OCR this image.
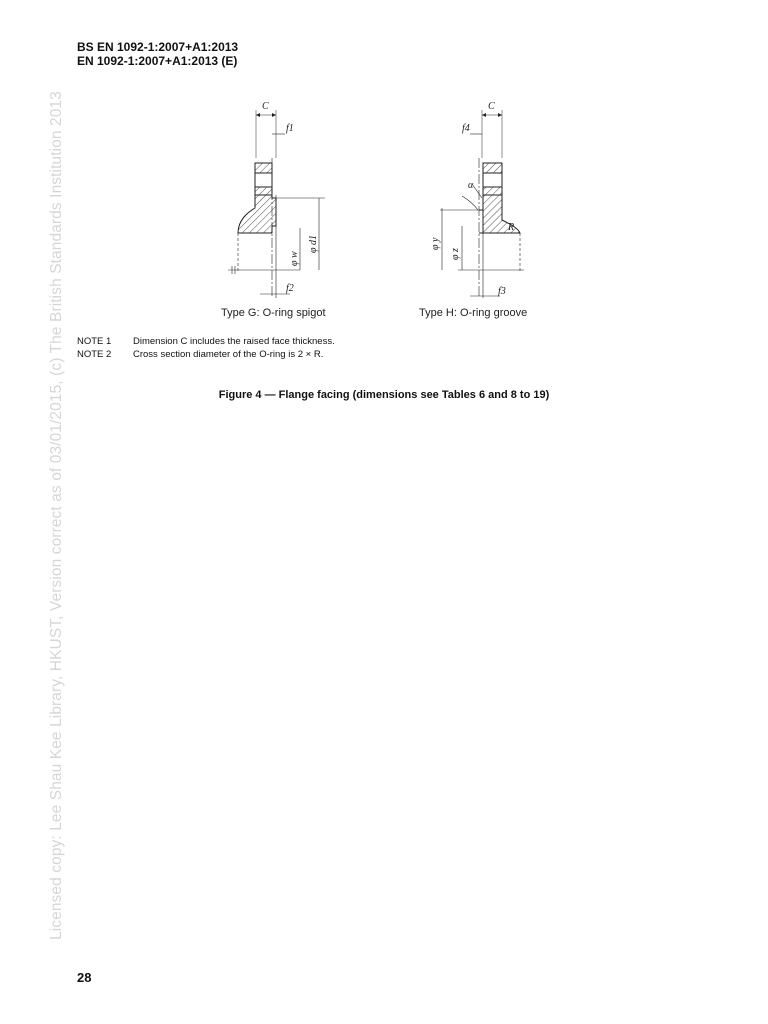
BS EN 1092-1:2007+A1:2013
EN 1092-1:2007+A1:2013 (E)
Licensed copy: Lee Shau Kee Library, HKUST, Version correct as of 03/01/2015, (c) The British Standards Institution 2013	C
f1
φ w
φ d1
f2
Type G: O-ring spigot
C
f4
α
φ y
φ z
R
f3
Type H: O-ring groove
NOTE 1	Dimension C includes the raised face thickness.
NOTE 2	Cross section diameter of the O-ring is 2 × R.
Figure 4 — Flange facing (dimensions see Tables 6 and 8 to 19)
28
